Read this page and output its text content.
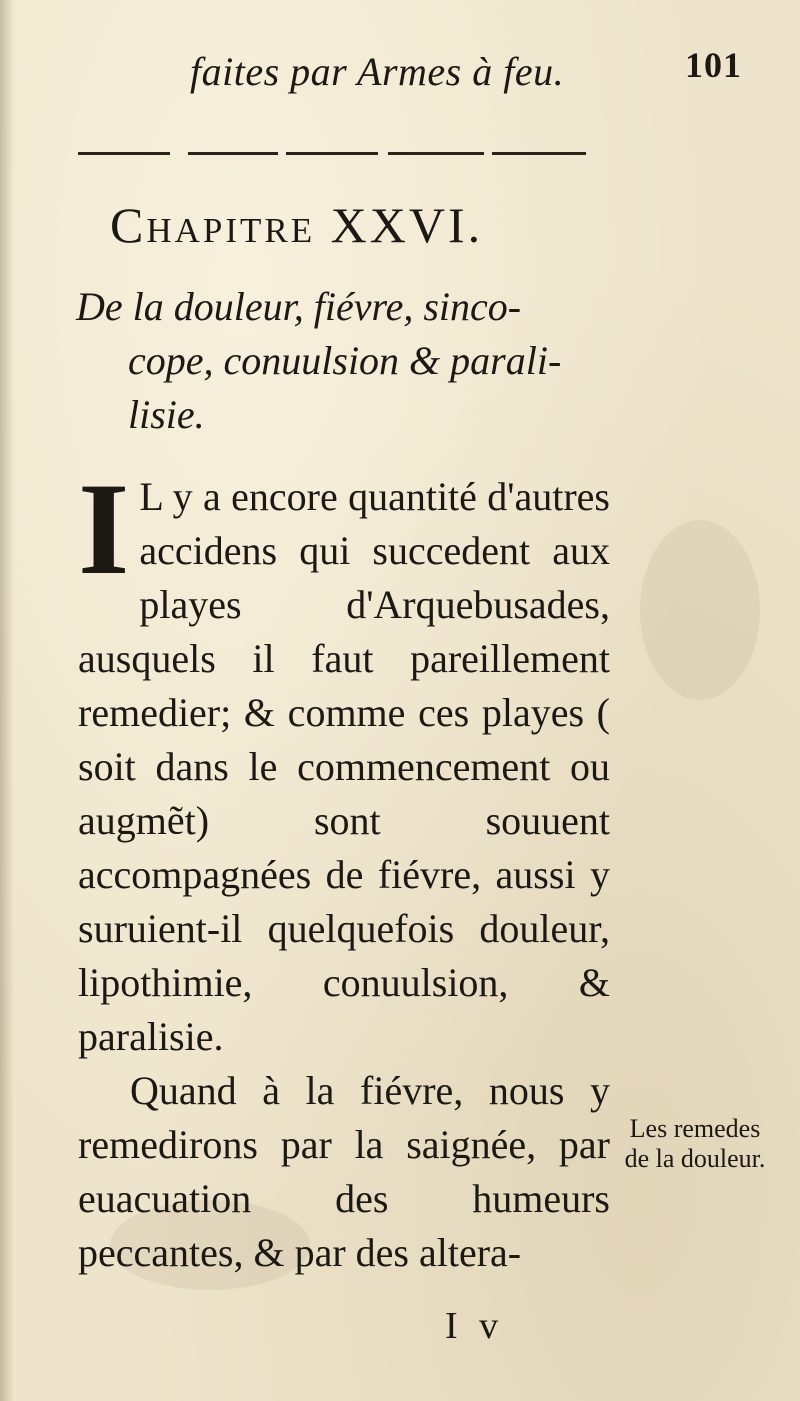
faites par Armes à feu.	101
Chapitre XXVI.
De la douleur, fiévre, sinco-
cope, conuulsion & parali-
lisie.

I L y a encore quantité d'autres accidens qui succedent aux playes d'Arquebusades, ausquels il faut pareillement remedier; & comme ces playes ( soit dans le commencement ou augmẽt) sont souuent accompagnées de fiévre, aussi y suruient-il quelquefois douleur, lipothimie, conuulsion, & paralisie.

Quand à la fiévre, nous y remedirons par la saignée, par euacuation des humeurs peccantes, & par des altera-

Les remedes de la douleur.
I v
